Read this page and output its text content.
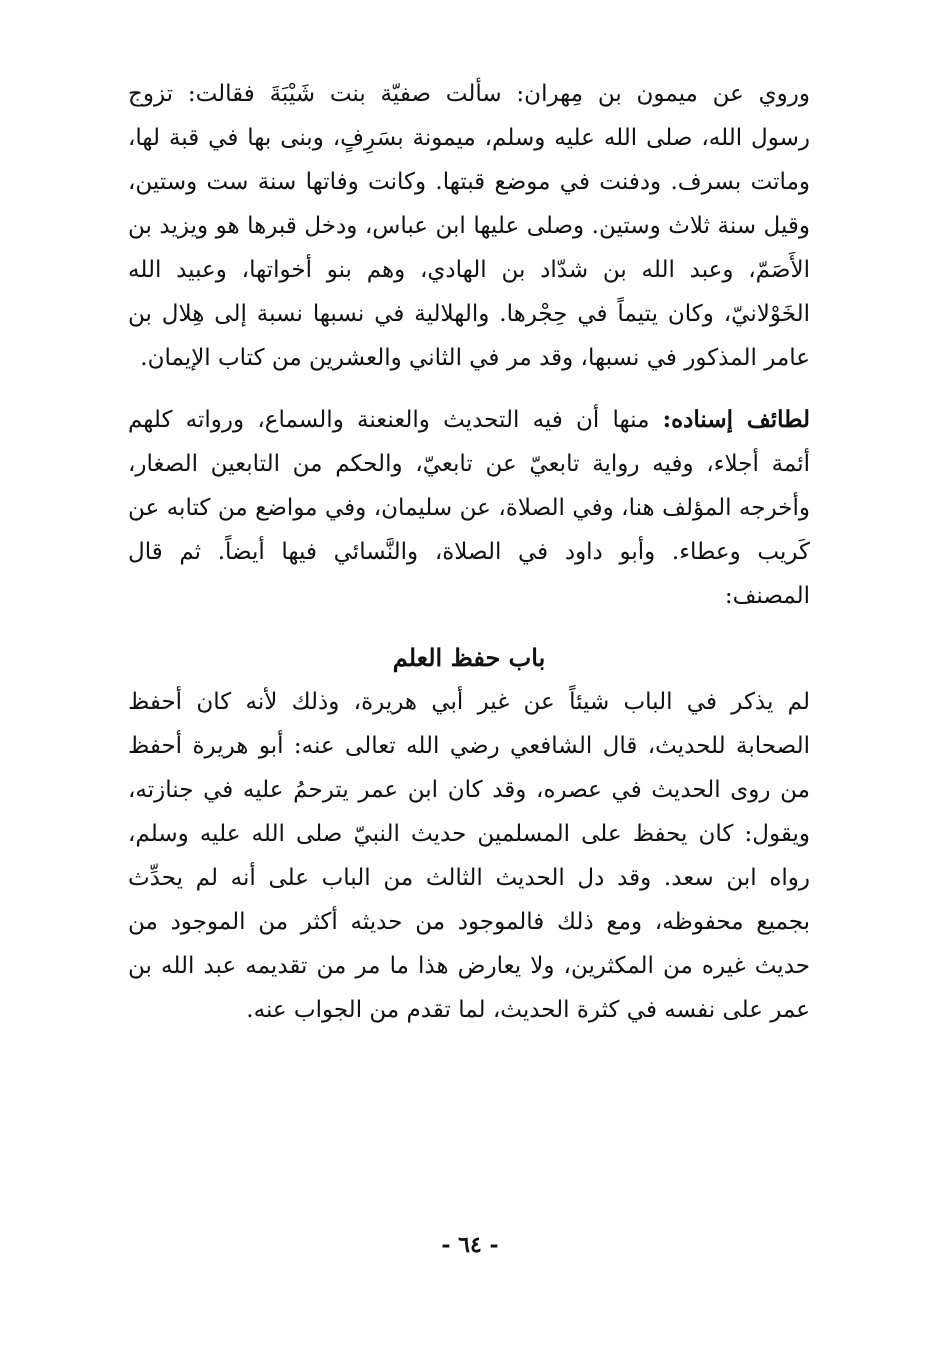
وروي عن ميمون بن مِهران: سألت صفيّة بنت شَيْبَةَ فقالت: تزوج
رسول الله، صلى الله عليه وسلم، ميمونة بسَرِفٍ، وبنى بها في قبة لها،
وماتت بسرف. ودفنت في موضع قبتها. وكانت وفاتها سنة ست وستين،
وقيل سنة ثلاث وستين. وصلى عليها ابن عباس، ودخل قبرها هو ويزيد بن
الأَصَمّ، وعبد الله بن شدّاد بن الهادي، وهم بنو أخواتها، وعبيد الله
الخَوْلانيّ، وكان يتيماً في حِجْرها. والهلالية في نسبها نسبة إلى هِلال بن
عامر المذكور في نسبها، وقد مر في الثاني والعشرين من كتاب الإيمان.
لطائف إسناده: منها أن فيه التحديث والعنعنة والسماع، ورواته كلهم
أئمة أجلاء، وفيه رواية تابعيّ عن تابعيّ، والحكم من التابعين الصغار،
وأخرجه المؤلف هنا، وفي الصلاة، عن سليمان، وفي مواضع من كتابه عن
كَريب وعطاء. وأبو داود في الصلاة، والنَّسائي فيها أيضاً. ثم قال
المصنف:
باب حفظ العلم
لم يذكر في الباب شيئاً عن غير أبي هريرة، وذلك لأنه كان أحفظ
الصحابة للحديث، قال الشافعي رضي الله تعالى عنه: أبو هريرة أحفظ
من روى الحديث في عصره، وقد كان ابن عمر يترحمُ عليه في جنازته،
ويقول: كان يحفظ على المسلمين حديث النبيّ صلى الله عليه وسلم،
رواه ابن سعد. وقد دل الحديث الثالث من الباب على أنه لم يحدِّث
بجميع محفوظه، ومع ذلك فالموجود من حديثه أكثر من الموجود من
حديث غيره من المكثرين، ولا يعارض هذا ما مر من تقديمه عبد الله بن
عمر على نفسه في كثرة الحديث، لما تقدم من الجواب عنه.
- ٦٤ -
